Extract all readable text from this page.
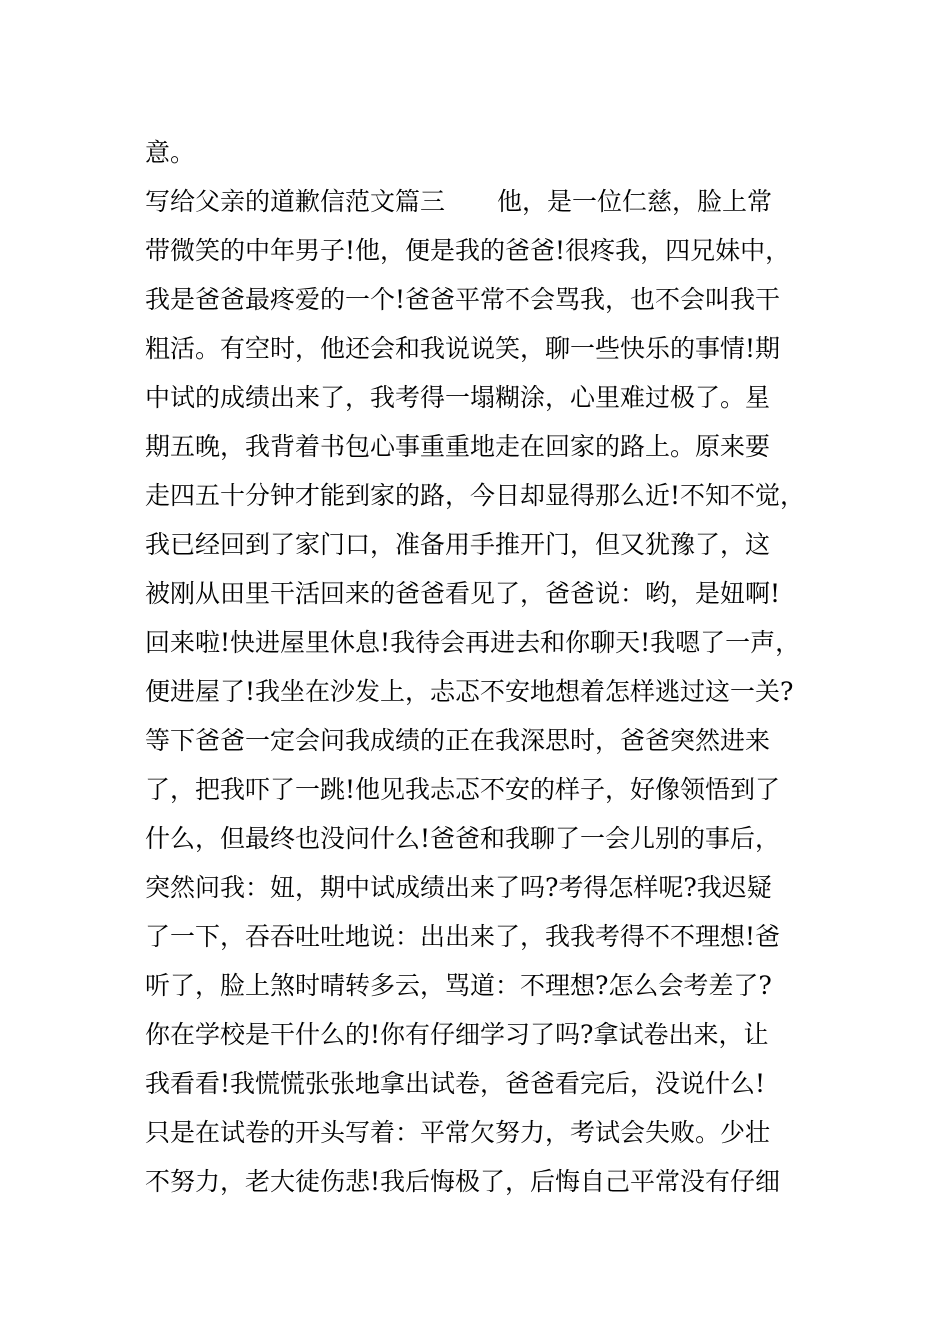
意。
写给父亲的道歉信范文篇三 他，是一位仁慈，脸上常
带微笑的中年男子!他，便是我的爸爸!很疼我，四兄妹中，
我是爸爸最疼爱的一个!爸爸平常不会骂我，也不会叫我干
粗活。有空时，他还会和我说说笑，聊一些快乐的事情!期
中试的成绩出来了，我考得一塌糊涂，心里难过极了。星
期五晚，我背着书包心事重重地走在回家的路上。原来要
走四五十分钟才能到家的路，今日却显得那么近!不知不觉，
我已经回到了家门口，准备用手推开门，但又犹豫了，这
被刚从田里干活回来的爸爸看见了，爸爸说：哟，是妞啊!
回来啦!快进屋里休息!我待会再进去和你聊天!我嗯了一声，
便进屋了!我坐在沙发上，忐忑不安地想着怎样逃过这一关?
等下爸爸一定会问我成绩的正在我深思时，爸爸突然进来
了，把我吓了一跳!他见我忐忑不安的样子，好像领悟到了
什么，但最终也没问什么!爸爸和我聊了一会儿别的事后，
突然问我：妞，期中试成绩出来了吗?考得怎样呢?我迟疑
了一下，吞吞吐吐地说：出出来了，我我考得不不理想!爸
听了，脸上煞时晴转多云，骂道：不理想?怎么会考差了?
你在学校是干什么的!你有仔细学习了吗?拿试卷出来，让
我看看!我慌慌张张地拿出试卷，爸爸看完后，没说什么!
只是在试卷的开头写着：平常欠努力，考试会失败。少壮
不努力，老大徒伤悲!我后悔极了，后悔自己平常没有仔细
